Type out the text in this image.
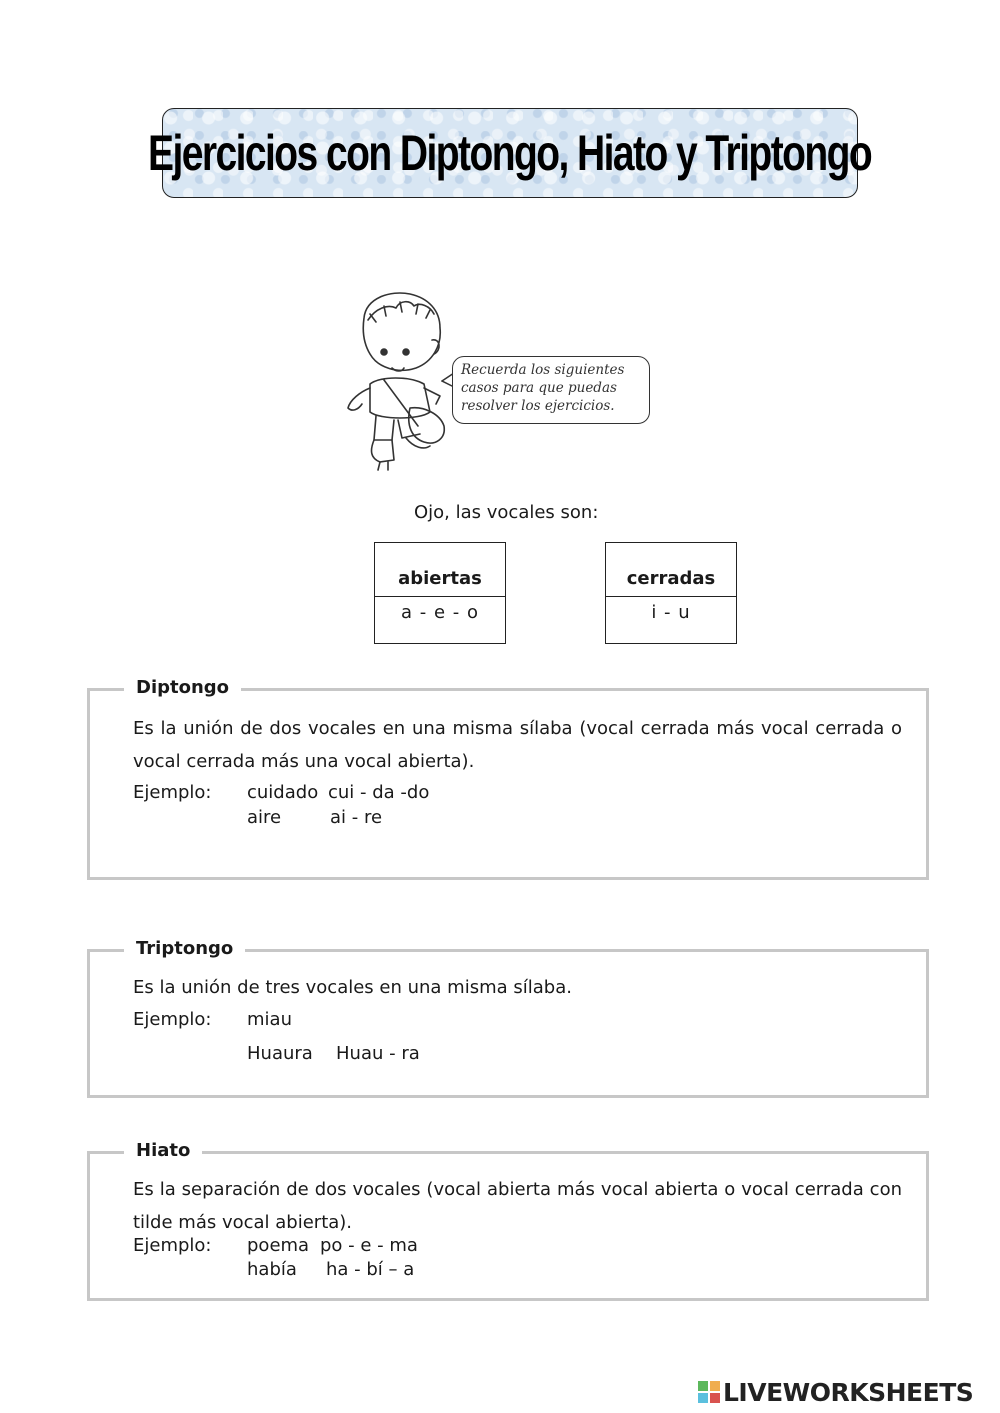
Ejercicios con Diptongo, Hiato y Triptongo
Recuerda los siguientes
casos para que puedas
resolver los ejercicios.
Ojo, las vocales son:
abiertas
a - e - o
cerradas
i - u
Diptongo
Es la unión de dos vocales en una misma sílaba (vocal cerrada más vocal cerrada o vocal cerrada más una vocal abierta).
Ejemplo: cuidado cui - da -do
aire	ai - re
Triptongo
Es la unión de tres vocales en una misma sílaba.
Ejemplo: miau
Huaura Huau - ra
Hiato
Es la separación de dos vocales (vocal abierta más vocal abierta o vocal cerrada con tilde más vocal abierta).
Ejemplo: poema po - e - ma
había ha - bí – a
LIVEWORKSHEETS
